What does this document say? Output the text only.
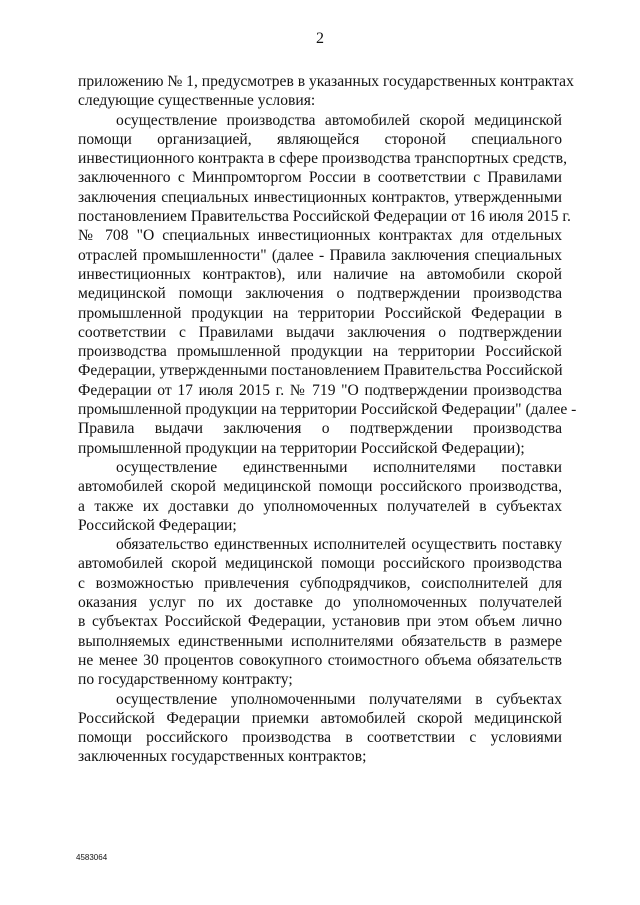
2
приложению № 1, предусмотрев в указанных государственных контрактах
следующие существенные условия:
осуществление производства автомобилей скорой медицинской
помощи организацией, являющейся стороной специального
инвестиционного контракта в сфере производства транспортных средств,
заключенного с Минпромторгом России в соответствии с Правилами
заключения специальных инвестиционных контрактов, утвержденными
постановлением Правительства Российской Федерации от 16 июля 2015 г.
№ 708 "О специальных инвестиционных контрактах для отдельных
отраслей промышленности" (далее - Правила заключения специальных
инвестиционных контрактов), или наличие на автомобили скорой
медицинской помощи заключения о подтверждении производства
промышленной продукции на территории Российской Федерации в
соответствии с Правилами выдачи заключения о подтверждении
производства промышленной продукции на территории Российской
Федерации, утвержденными постановлением Правительства Российской
Федерации от 17 июля 2015 г. № 719 "О подтверждении производства
промышленной продукции на территории Российской Федерации" (далее -
Правила выдачи заключения о подтверждении производства
промышленной продукции на территории Российской Федерации);
осуществление единственными исполнителями поставки
автомобилей скорой медицинской помощи российского производства,
а также их доставки до уполномоченных получателей в субъектах
Российской Федерации;
обязательство единственных исполнителей осуществить поставку
автомобилей скорой медицинской помощи российского производства
с возможностью привлечения субподрядчиков, соисполнителей для
оказания услуг по их доставке до уполномоченных получателей
в субъектах Российской Федерации, установив при этом объем лично
выполняемых единственными исполнителями обязательств в размере
не менее 30 процентов совокупного стоимостного объема обязательств
по государственному контракту;
осуществление уполномоченными получателями в субъектах
Российской Федерации приемки автомобилей скорой медицинской
помощи российского производства в соответствии с условиями
заключенных государственных контрактов;
4583064
